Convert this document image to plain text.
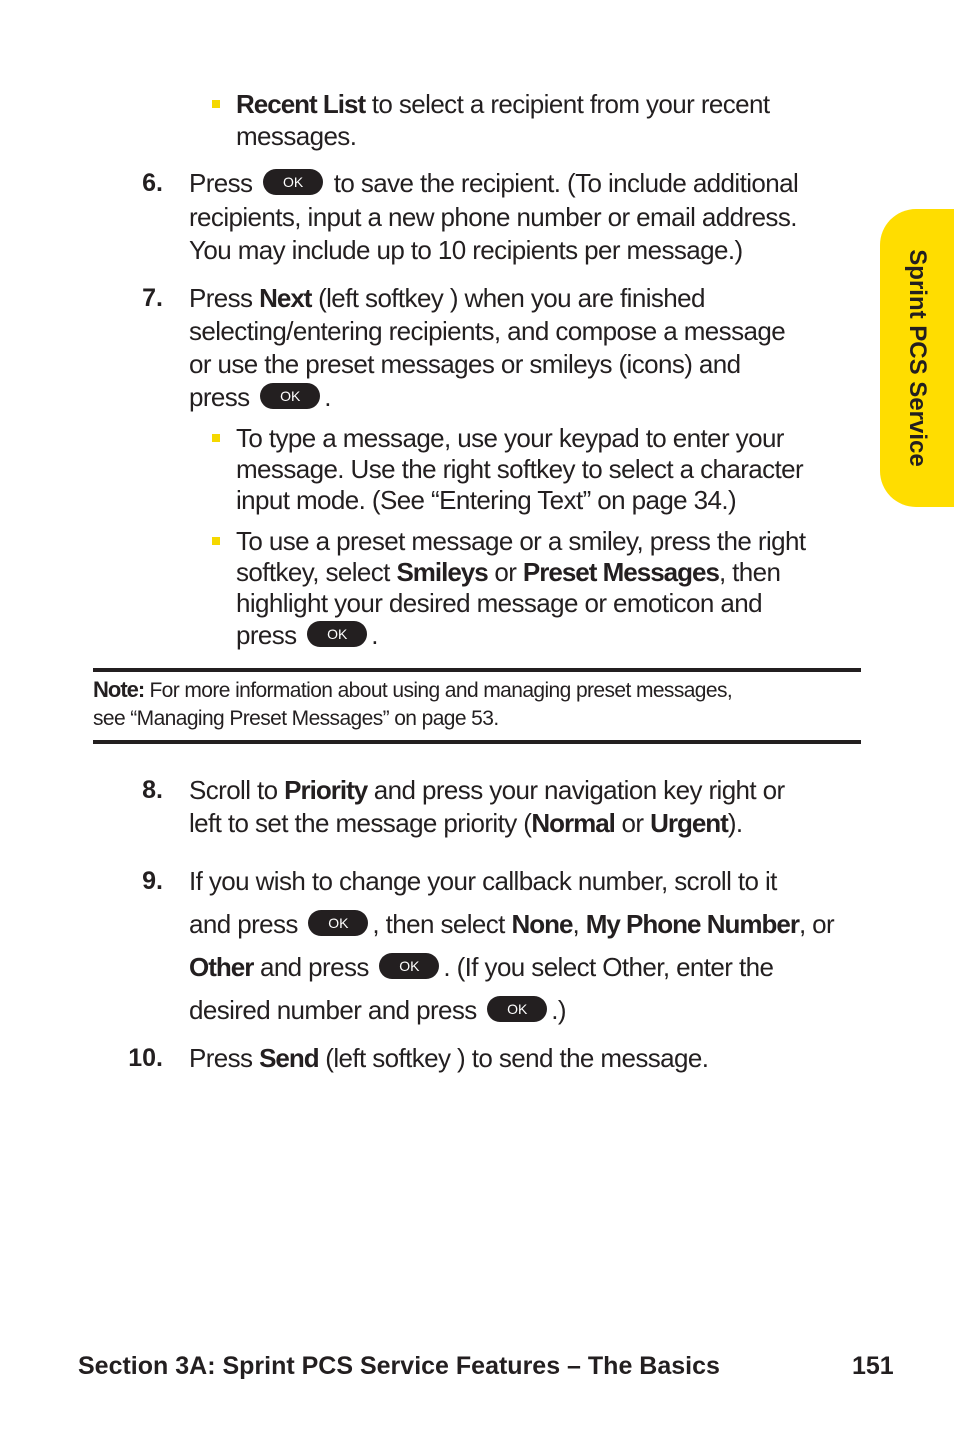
Sprint PCS Service
Recent List to select a recipient from your recent
messages.
6. Press OK to save the recipient. (To include additional
recipients, input a new phone number or email address.
You may include up to 10 recipients per message.)
7. Press Next (left softkey ) when you are finished
selecting/entering recipients, and compose a message
or use the preset messages or smileys (icons) and
press OK .
To type a message, use your keypad to enter your
message. Use the right softkey to select a character
input mode. (See “Entering Text” on page 34.)
To use a preset message or a smiley, press the right
softkey, select Smileys or Preset Messages, then
highlight your desired message or emoticon and
press OK .
Note: For more information about using and managing preset messages,
see “Managing Preset Messages” on page 53.
8. Scroll to Priority and press your navigation key right or
left to set the message priority (Normal or Urgent).
9. If you wish to change your callback number, scroll to it
and press OK , then select None, My Phone Number, or
Other and press OK . (If you select Other, enter the
desired number and press OK .)
10. Press Send (left softkey ) to send the message.
Section 3A: Sprint PCS Service Features – The Basics	151
